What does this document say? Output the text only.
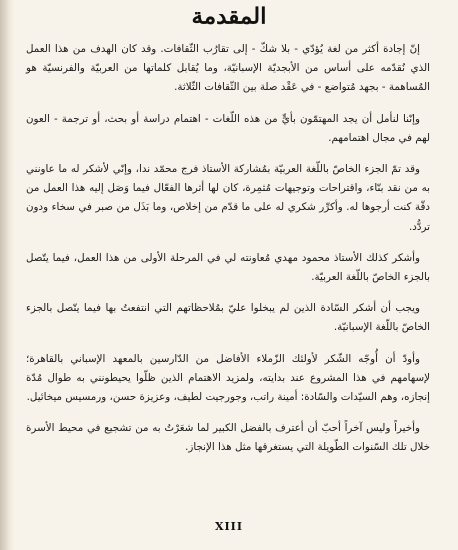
المقدمة

إنّ إجادة أكثر من لغة يُؤدّي - بلا شكّ - إلى تقارُب الثّقافات. وقد كان الهدف من هذا العمل الذي نُقدّمه على أساس من الأبجديّة الإسبانيّة، وما يُقابل كلماتها من العربيّة والفرنسيّة هو المُساهمة - بجهد مُتواضع - في عَقْد صلة بين الثّقافات الثّلاثة.

وإنّنا لنأمل أن يجد المهتمّون بأيٍّ من هذه اللّغات - اهتمام دراسة أو بحث، أو ترجمة - العون لهم في مجال اهتمامهم.

وقد تمّ الجزء الخاصّ باللّغة العربيّة بمُشاركة الأستاذ فرج محمّد ندا، وإنّي لأشكر له ما عاونني به من نقد بنّاء، واقتراحات وتوجيهات مُثمِرة، كان لها أثرها الفعّال فيما وَصَل إليه هذا العمل من دقّة كنت أرجوها له. وأكرِّر شكري له على ما قدّم من إخلاص، وما بَذَل من صبر في سخاء ودون تردُّد.

وأشكر كذلك الأستاذ محمود مهدي مُعاونته لي في المرحلة الأولى من هذا العمل، فيما يتّصل بالجزء الخاصّ باللّغة العربيّة.

ويجب أن أشكر السّادة الذين لم يبخلوا عليّ بمُلاحظاتهم التي انتفعتُ بها فيما يتّصل بالجزء الخاصّ باللّغة الإسبانيّة.

وأودّ أن أُوجّه الشّكر لأولئك الزّملاء الأفاضل من الدّارسين بالمعهد الإسباني بالقاهرة؛ لإسهامهم في هذا المشروع عند بدايته، ولمزيد الاهتمام الذين ظلّوا يحيطونني به طوال مُدّة إنجازه، وهم السيّدات والسّادة: أمينة راتب، وجورجيت لطيف، وعزيزة حسن، ورمسيس ميخائيل.

وأخيراً وليس آخراً أحبّ أن أعترف بالفضل الكبير لما شعَرْتُ به من تشجيع في محيط الأسرة خلال تلك السّنوات الطّويلة التي يستغرقها مثل هذا الإنجاز.

XIII
